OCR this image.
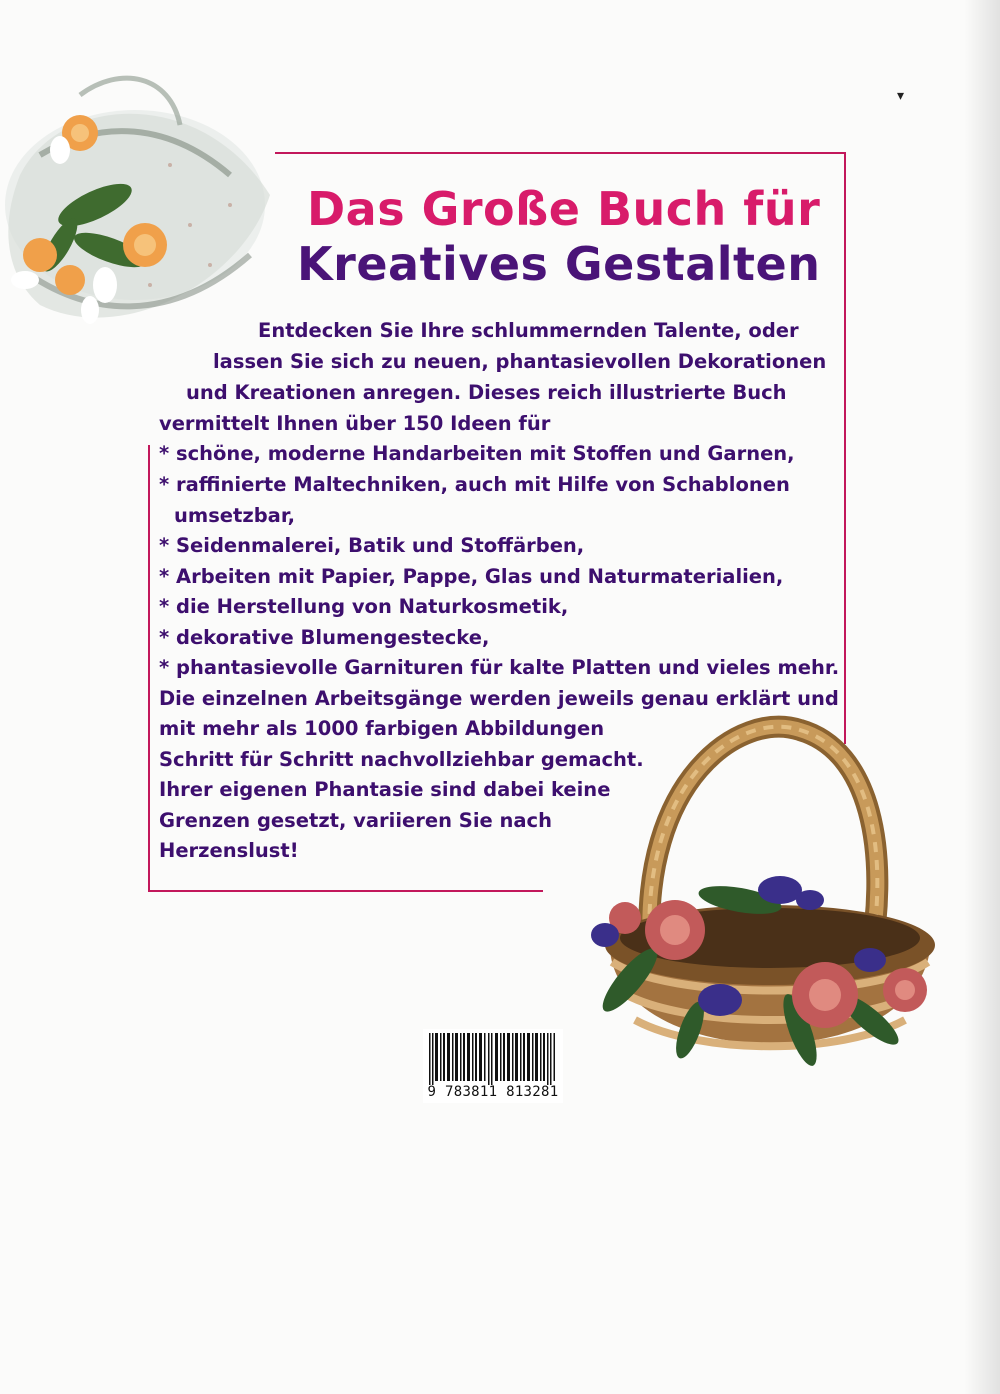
Das Große Buch für
Kreatives Gestalten
Entdecken Sie Ihre schlummernden Talente, oder
lassen Sie sich zu neuen, phantasievollen Dekorationen
und Kreationen anregen. Dieses reich illustrierte Buch
vermittelt Ihnen über 150 Ideen für
* schöne, moderne Handarbeiten mit Stoffen und Garnen,
* raffinierte Maltechniken, auch mit Hilfe von Schablonen
umsetzbar,
* Seidenmalerei, Batik und Stoffärben,
* Arbeiten mit Papier, Pappe, Glas und Naturmaterialien,
* die Herstellung von Naturkosmetik,
* dekorative Blumengestecke,
* phantasievolle Garnituren für kalte Platten und vieles mehr.
Die einzelnen Arbeitsgänge werden jeweils genau erklärt und
mit mehr als 1000 farbigen Abbildungen
Schritt für Schritt nachvollziehbar gemacht.
Ihrer eigenen Phantasie sind dabei keine
Grenzen gesetzt, variieren Sie nach
Herzenslust!
9 783811 813281
▾
